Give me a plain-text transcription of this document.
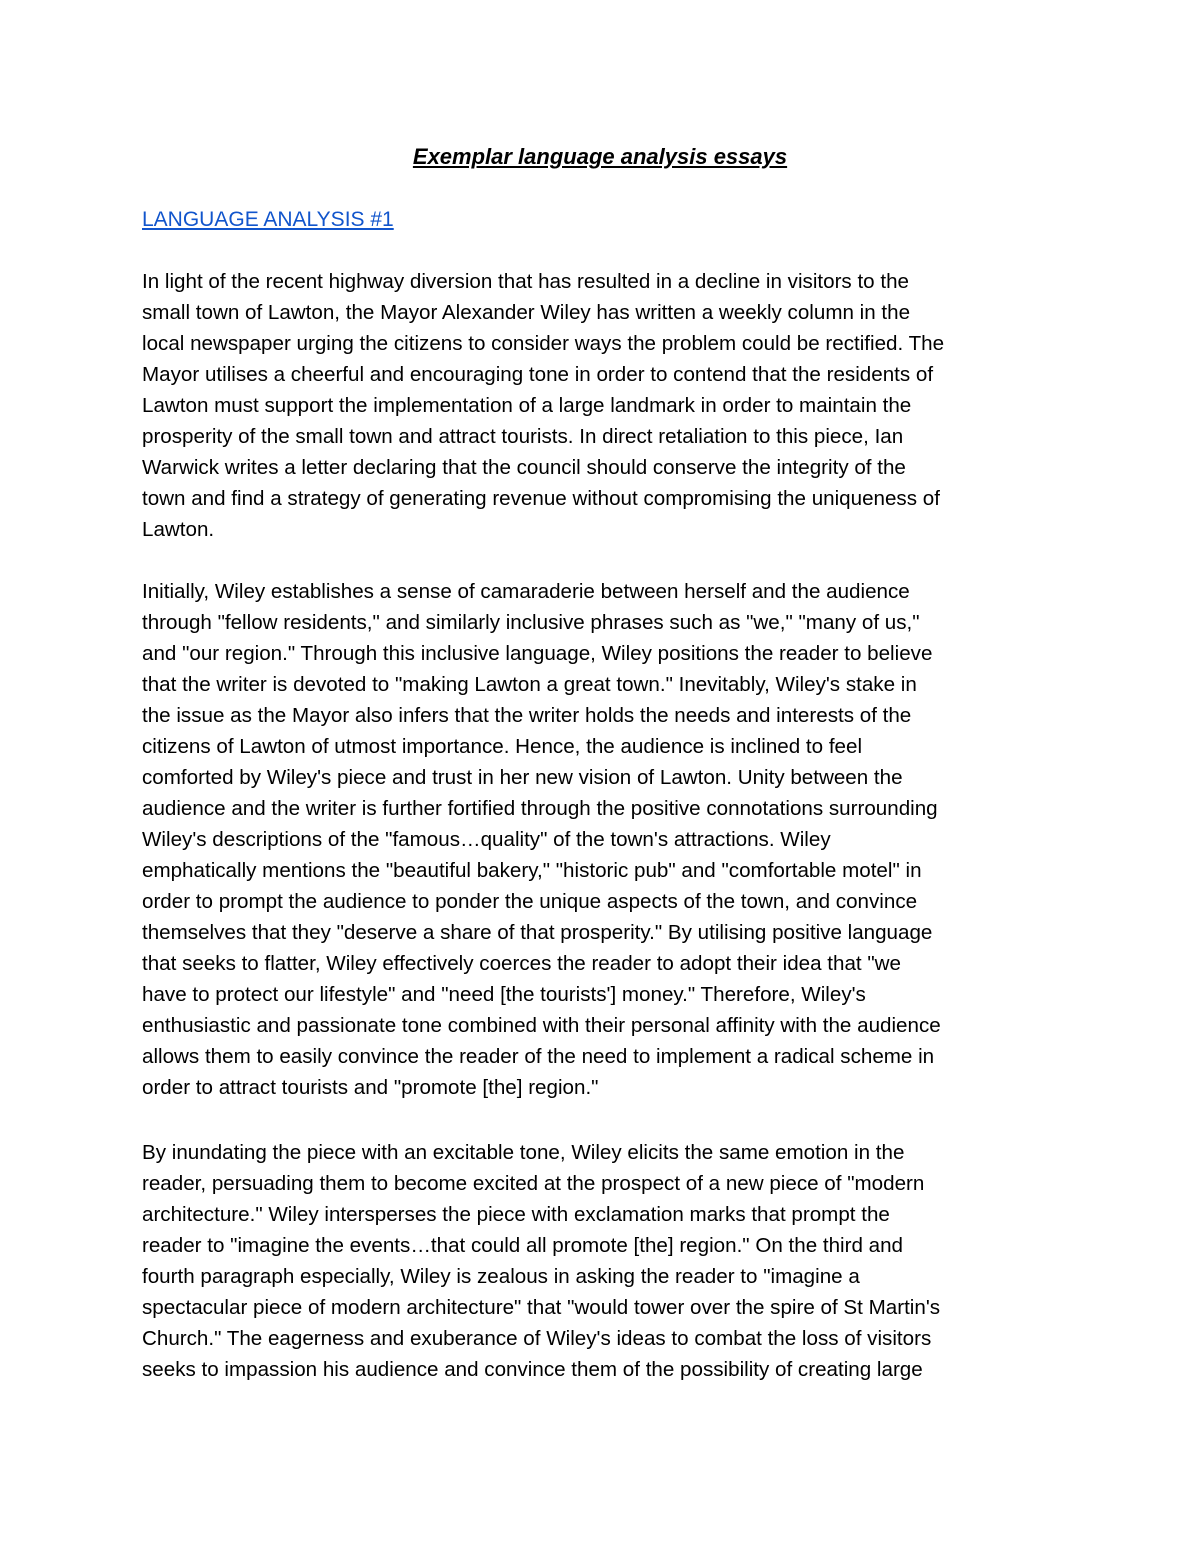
Exemplar language analysis essays
LANGUAGE ANALYSIS #1

In light of the recent highway diversion that has resulted in a decline in visitors to the
small town of Lawton, the Mayor Alexander Wiley has written a weekly column in the
local newspaper urging the citizens to consider ways the problem could be rectified. The
Mayor utilises a cheerful and encouraging tone in order to contend that the residents of
Lawton must support the implementation of a large landmark in order to maintain the
prosperity of the small town and attract tourists. In direct retaliation to this piece, Ian
Warwick writes a letter declaring that the council should conserve the integrity of the
town and find a strategy of generating revenue without compromising the uniqueness of
Lawton.

Initially, Wiley establishes a sense of camaraderie between herself and the audience
through "fellow residents," and similarly inclusive phrases such as "we," "many of us,"
and "our region." Through this inclusive language, Wiley positions the reader to believe
that the writer is devoted to "making Lawton a great town." Inevitably, Wiley's stake in
the issue as the Mayor also infers that the writer holds the needs and interests of the
citizens of Lawton of utmost importance. Hence, the audience is inclined to feel
comforted by Wiley's piece and trust in her new vision of Lawton. Unity between the
audience and the writer is further fortified through the positive connotations surrounding
Wiley's descriptions of the "famous…quality" of the town's attractions. Wiley
emphatically mentions the "beautiful bakery," "historic pub" and "comfortable motel" in
order to prompt the audience to ponder the unique aspects of the town, and convince
themselves that they "deserve a share of that prosperity." By utilising positive language
that seeks to flatter, Wiley effectively coerces the reader to adopt their idea that "we
have to protect our lifestyle" and "need [the tourists'] money." Therefore, Wiley's
enthusiastic and passionate tone combined with their personal affinity with the audience
allows them to easily convince the reader of the need to implement a radical scheme in
order to attract tourists and "promote [the] region."

By inundating the piece with an excitable tone, Wiley elicits the same emotion in the
reader, persuading them to become excited at the prospect of a new piece of "modern
architecture." Wiley intersperses the piece with exclamation marks that prompt the
reader to "imagine the events…that could all promote [the] region." On the third and
fourth paragraph especially, Wiley is zealous in asking the reader to "imagine a
spectacular piece of modern architecture" that "would tower over the spire of St Martin's
Church." The eagerness and exuberance of Wiley's ideas to combat the loss of visitors
seeks to impassion his audience and convince them of the possibility of creating large
